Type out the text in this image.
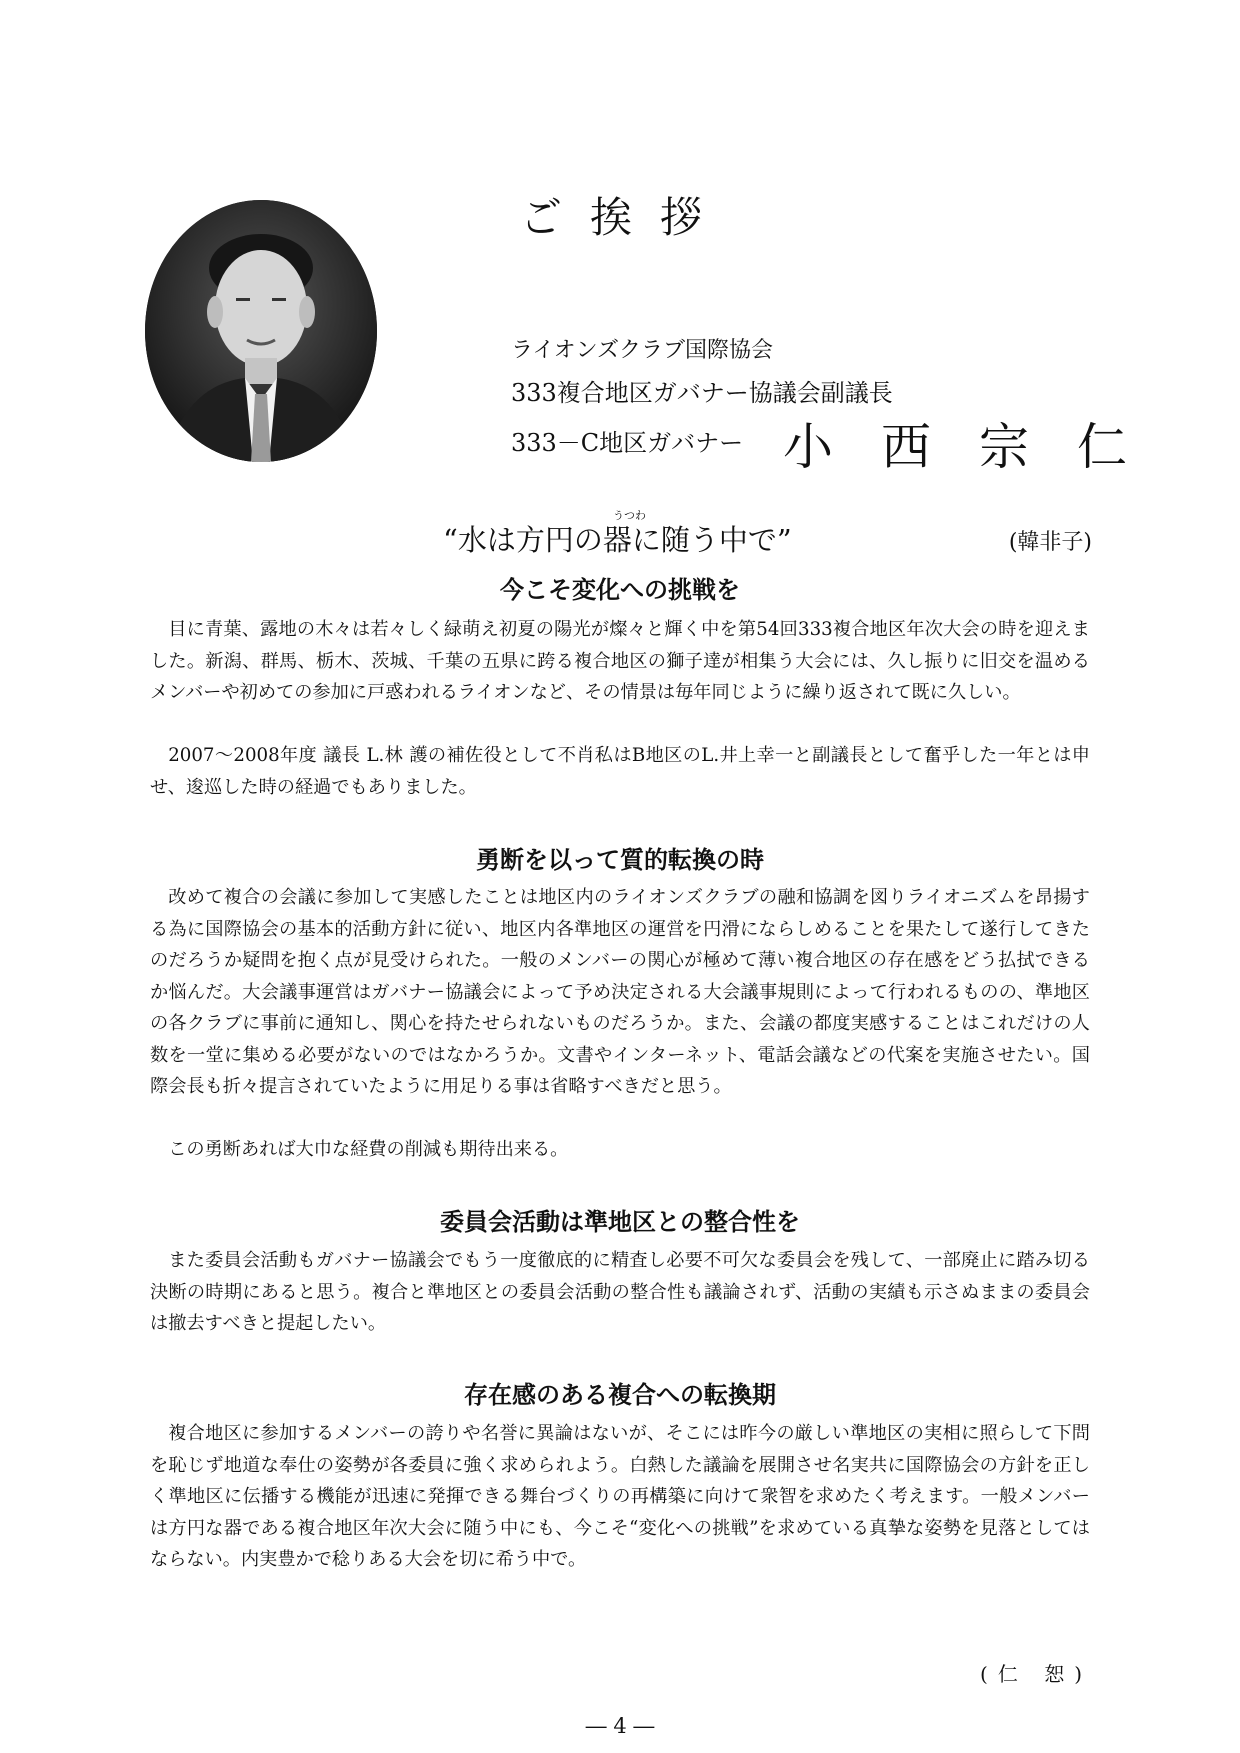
ご挨拶
ライオンズクラブ国際協会
333複合地区ガバナー協議会副議長
333－C地区ガバナー 小西宗仁
うつわ
“水は方円の器に随う中で”	(韓非子)
今こそ変化への挑戦を

目に青葉、露地の木々は若々しく緑萌え初夏の陽光が燦々と輝く中を第54回333複合地区年次大会の時を迎えました。新潟、群馬、栃木、茨城、千葉の五県に跨る複合地区の獅子達が相集う大会には、久し振りに旧交を温めるメンバーや初めての参加に戸惑われるライオンなど、その情景は毎年同じように繰り返されて既に久しい。

2007～2008年度 議長 L.林 護の補佐役として不肖私はB地区のL.井上幸一と副議長として奮乎した一年とは申せ、逡巡した時の経過でもありました。

勇断を以って質的転換の時

改めて複合の会議に参加して実感したことは地区内のライオンズクラブの融和協調を図りライオニズムを昂揚する為に国際協会の基本的活動方針に従い、地区内各準地区の運営を円滑にならしめることを果たして遂行してきたのだろうか疑問を抱く点が見受けられた。一般のメンバーの関心が極めて薄い複合地区の存在感をどう払拭できるか悩んだ。大会議事運営はガバナー協議会によって予め決定される大会議事規則によって行われるものの、準地区の各クラブに事前に通知し、関心を持たせられないものだろうか。また、会議の都度実感することはこれだけの人数を一堂に集める必要がないのではなかろうか。文書やインターネット、電話会議などの代案を実施させたい。国際会長も折々提言されていたように用足りる事は省略すべきだと思う。

この勇断あれば大巾な経費の削減も期待出来る。

委員会活動は準地区との整合性を

また委員会活動もガバナー協議会でもう一度徹底的に精査し必要不可欠な委員会を残して、一部廃止に踏み切る決断の時期にあると思う。複合と準地区との委員会活動の整合性も議論されず、活動の実績も示さぬままの委員会は撤去すべきと提起したい。

存在感のある複合への転換期

複合地区に参加するメンバーの誇りや名誉に異論はないが、そこには昨今の厳しい準地区の実相に照らして下問を恥じず地道な奉仕の姿勢が各委員に強く求められよう。白熱した議論を展開させ名実共に国際協会の方針を正しく準地区に伝播する機能が迅速に発揮できる舞台づくりの再構築に向けて衆智を求めたく考えます。一般メンバーは方円な器である複合地区年次大会に随う中にも、今こそ“変化への挑戦”を求めている真摯な姿勢を見落としてはならない。内実豊かで稔りある大会を切に希う中で。

(仁 恕)
― 4 ―
